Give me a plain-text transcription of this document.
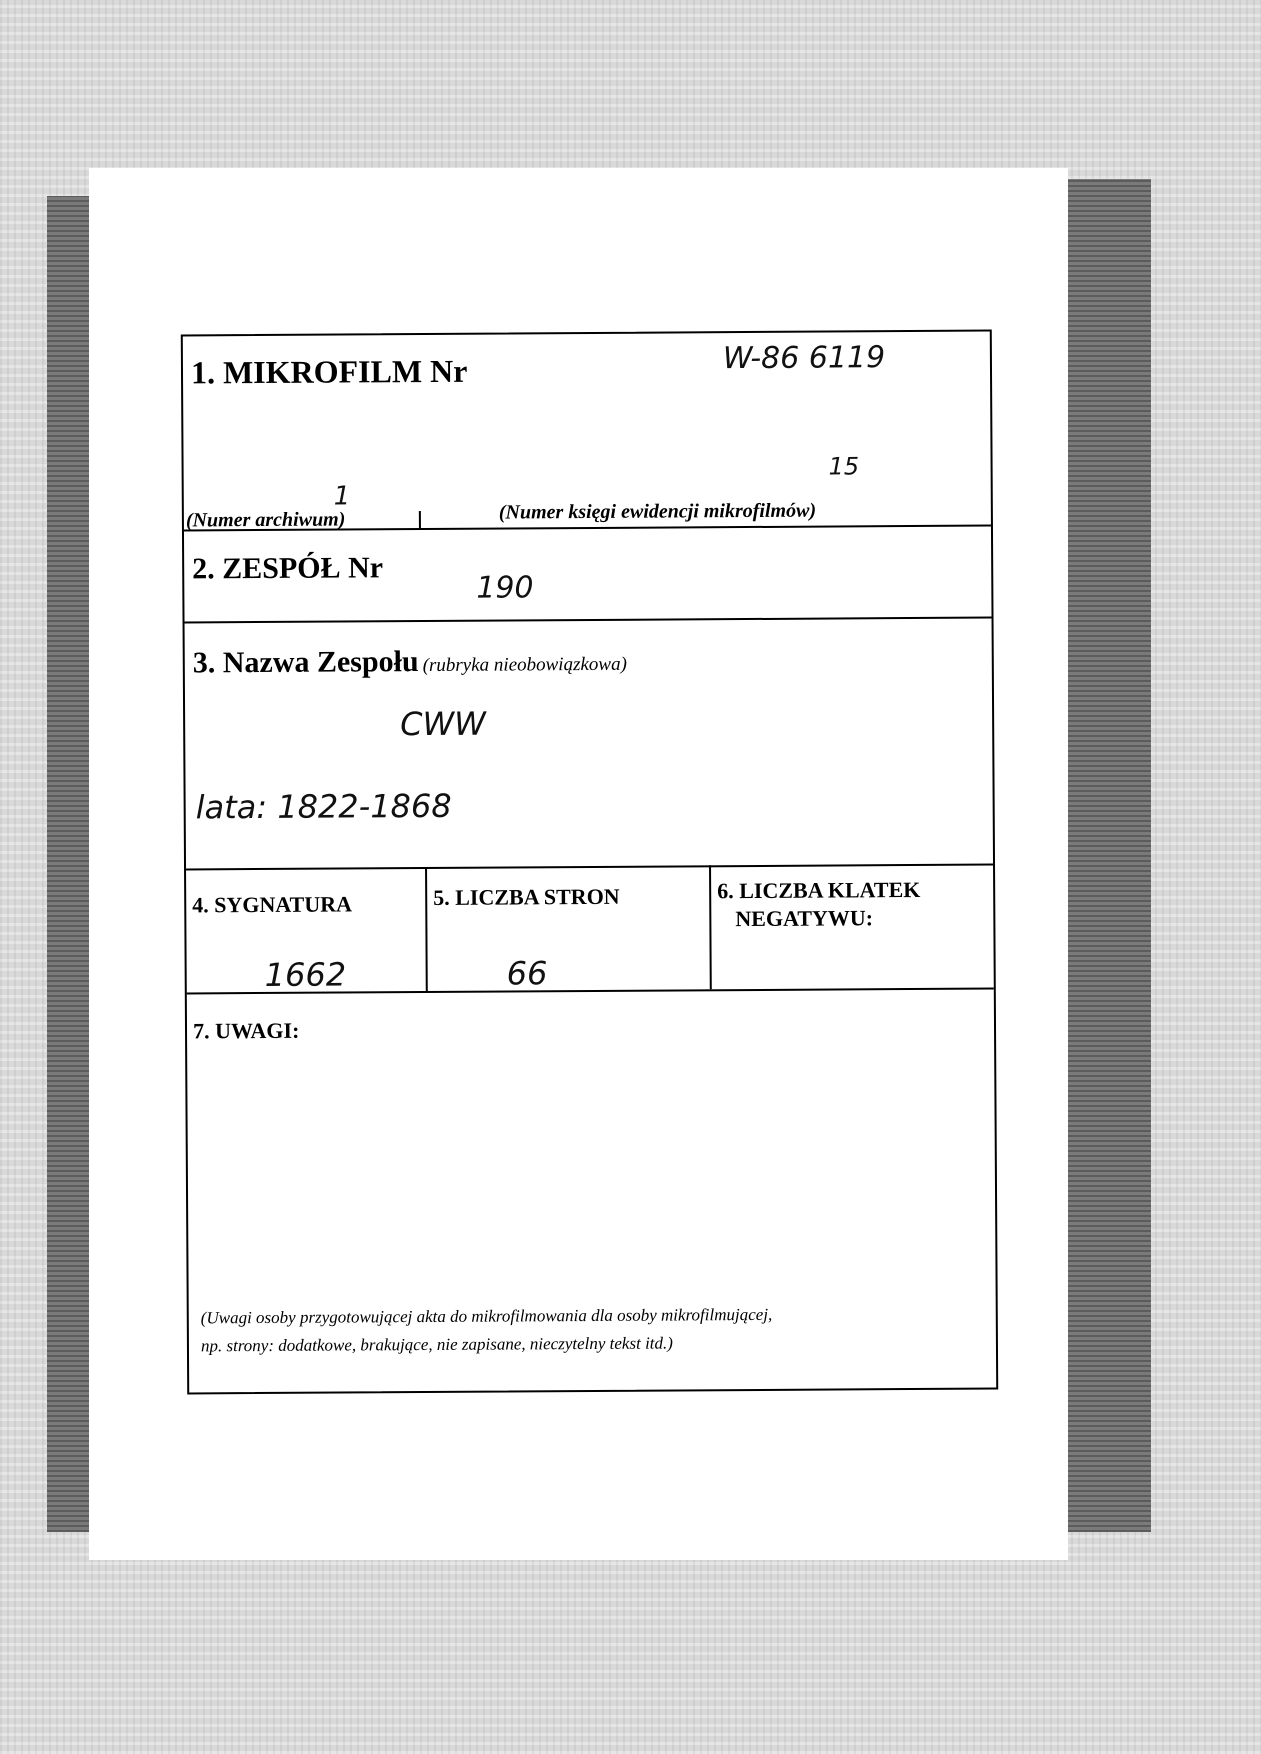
1. MIKROFILM Nr	W-86 6119
15
1
(Numer archiwum)	(Numer księgi ewidencji mikrofilmów)
2. ZESPÓŁ Nr
190
3. Nazwa Zespołu (rubryka nieobowiązkowa)
CWW
lata: 1822-1868
4. SYGNATURA
1662
5. LICZBA STRON
66
6. LICZBA KLATEK
NEGATYWU:
7. UWAGI:
(Uwagi osoby przygotowującej akta do mikrofilmowania dla osoby mikrofilmującej,
np. strony: dodatkowe, brakujące, nie zapisane, nieczytelny tekst itd.)
